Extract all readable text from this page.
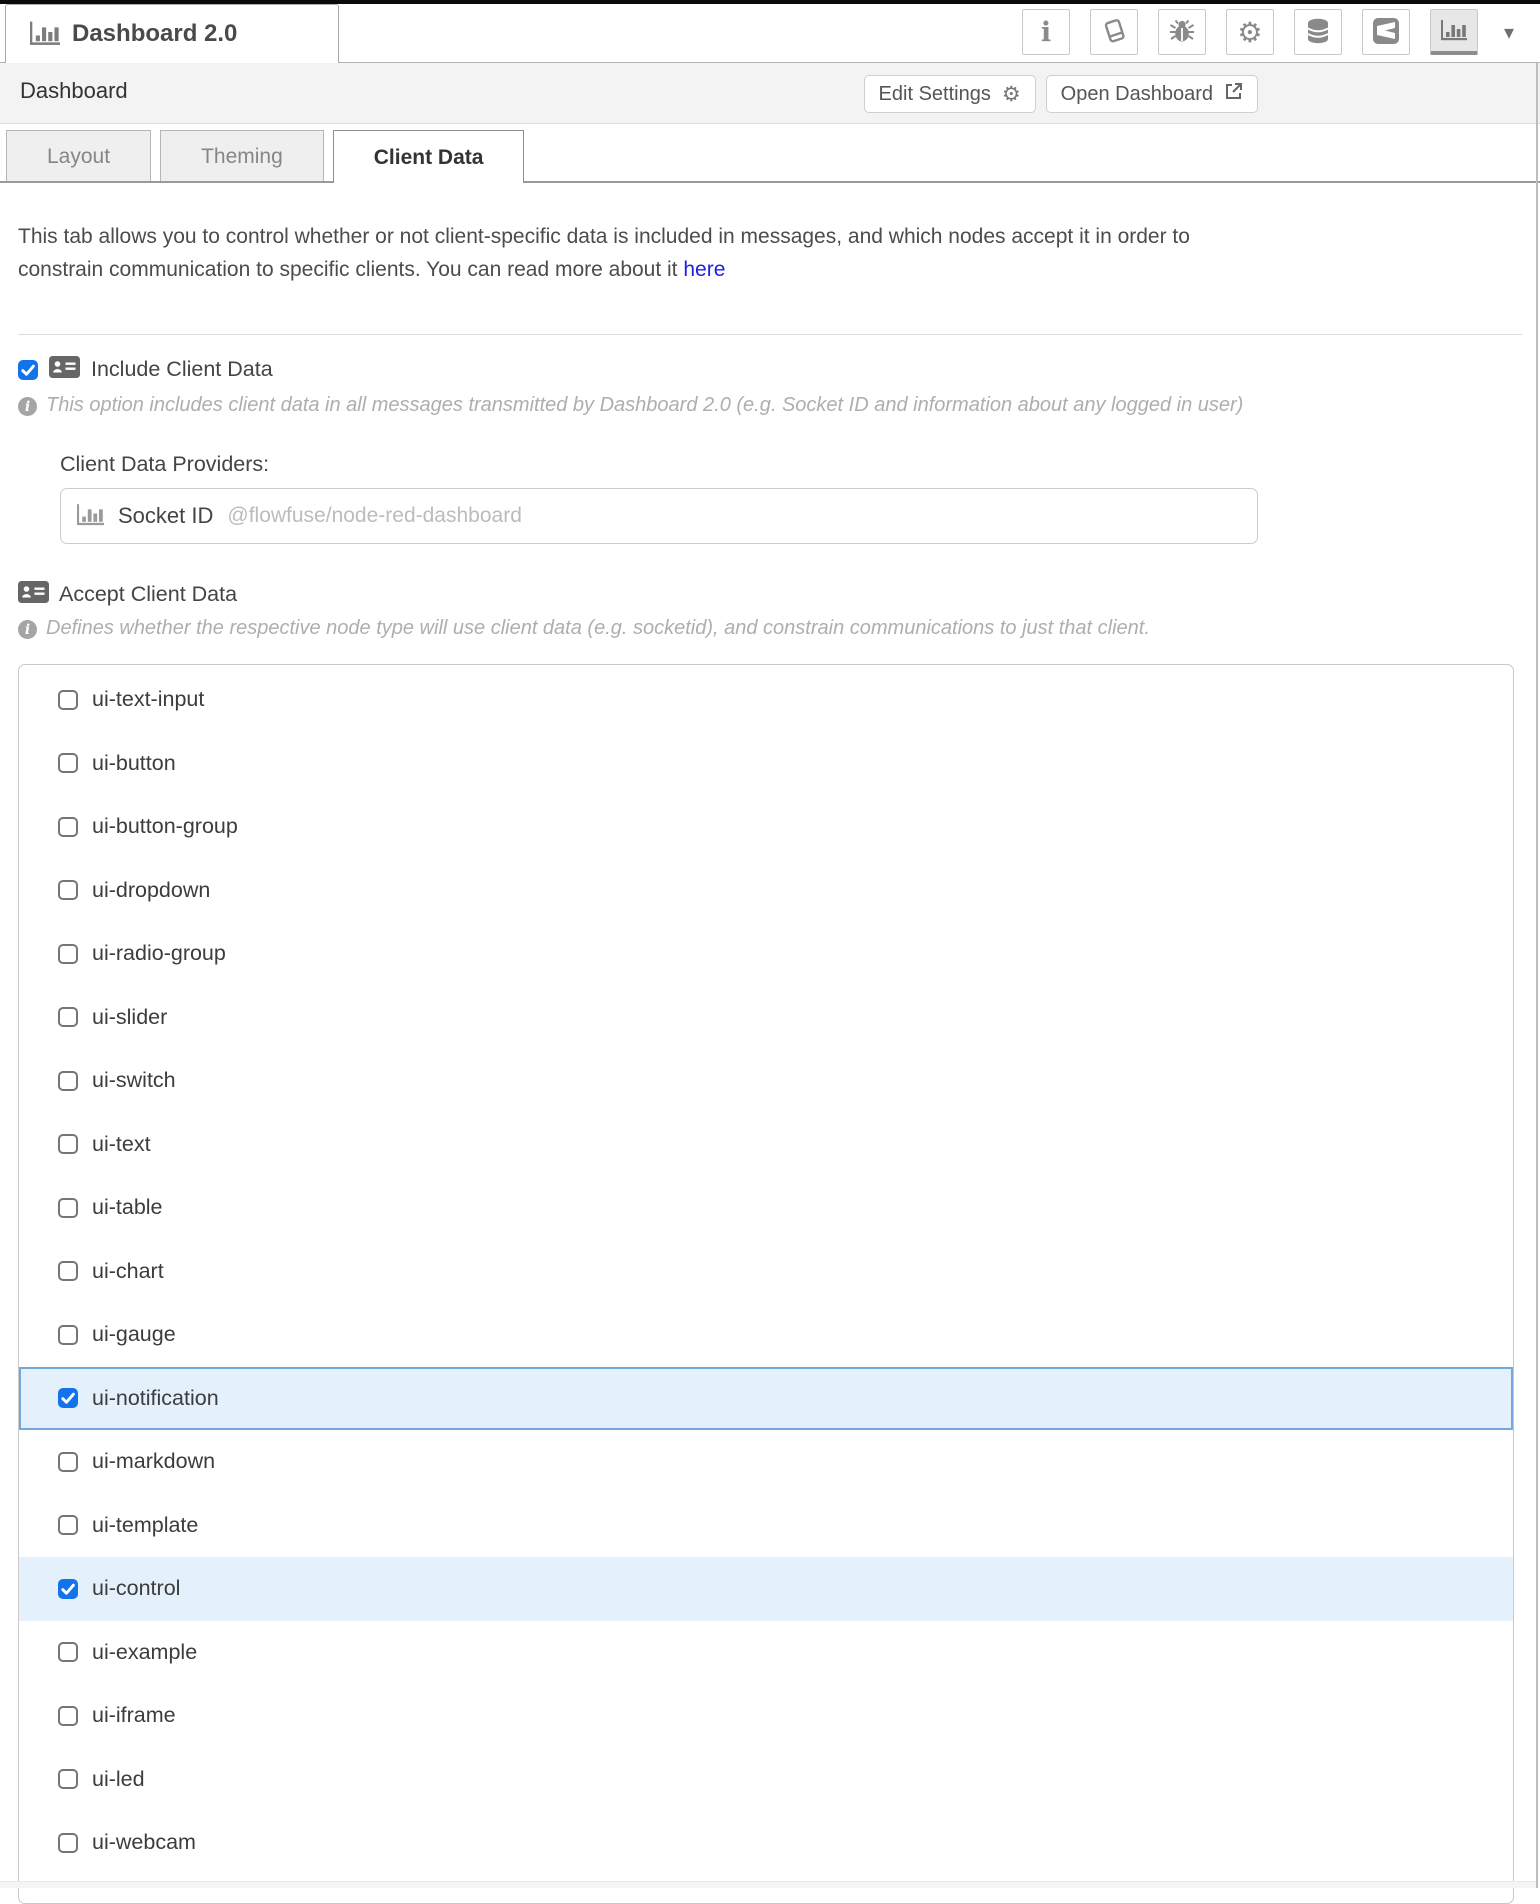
Dashboard 2.0	i	⚙	▾
Dashboard	Edit Settings ⚙ Open Dashboard
Layout	Theming	Client Data

This tab allows you to control whether or not client-specific data is included in messages, and which nodes accept it in order to constrain communication to specific clients. You can read more about it here

Include Client Data
i This option includes client data in all messages transmitted by Dashboard 2.0 (e.g. Socket ID and information about any logged in user)
Client Data Providers:
Socket ID @flowfuse/node-red-dashboard
Accept Client Data
i Defines whether the respective node type will use client data (e.g. socketid), and constrain communications to just that client.
ui-text-input
ui-button
ui-button-group
ui-dropdown
ui-radio-group
ui-slider
ui-switch
ui-text
ui-table
ui-chart
ui-gauge
ui-notification
ui-markdown
ui-template
ui-control
ui-example
ui-iframe
ui-led
ui-webcam
